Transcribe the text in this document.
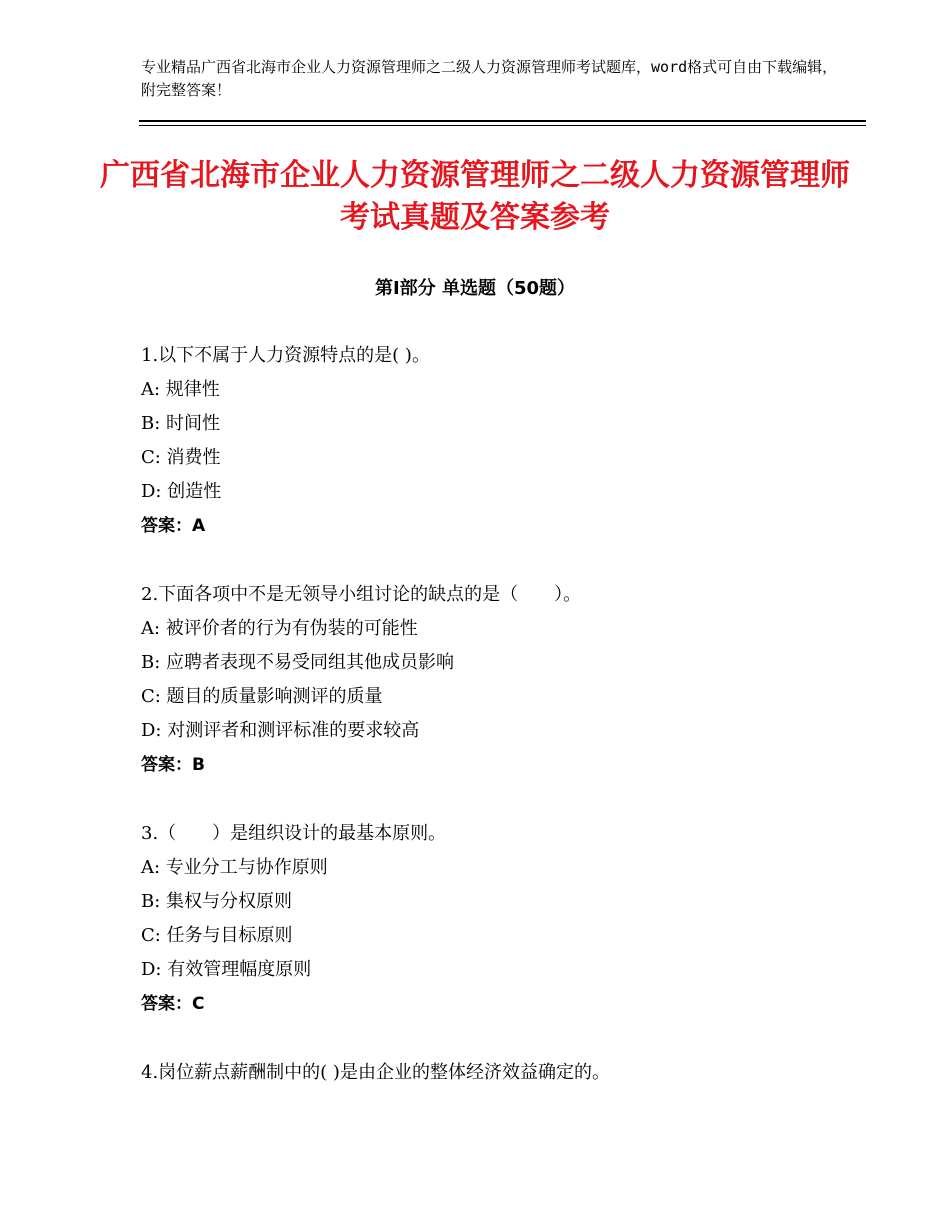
专业精品广西省北海市企业人力资源管理师之二级人力资源管理师考试题库，word格式可自由下载编辑，附完整答案！
广西省北海市企业人力资源管理师之二级人力资源管理师考试真题及答案参考
第Ⅰ部分 单选题（50题）
1.以下不属于人力资源特点的是( )。
A: 规律性
B: 时间性
C: 消费性
D: 创造性
答案：A
2.下面各项中不是无领导小组讨论的缺点的是（　　）。
A: 被评价者的行为有伪装的可能性
B: 应聘者表现不易受同组其他成员影响
C: 题目的质量影响测评的质量
D: 对测评者和测评标准的要求较高
答案：B
3.（　　）是组织设计的最基本原则。
A: 专业分工与协作原则
B: 集权与分权原则
C: 任务与目标原则
D: 有效管理幅度原则
答案：C
4.岗位薪点薪酬制中的( )是由企业的整体经济效益确定的。
